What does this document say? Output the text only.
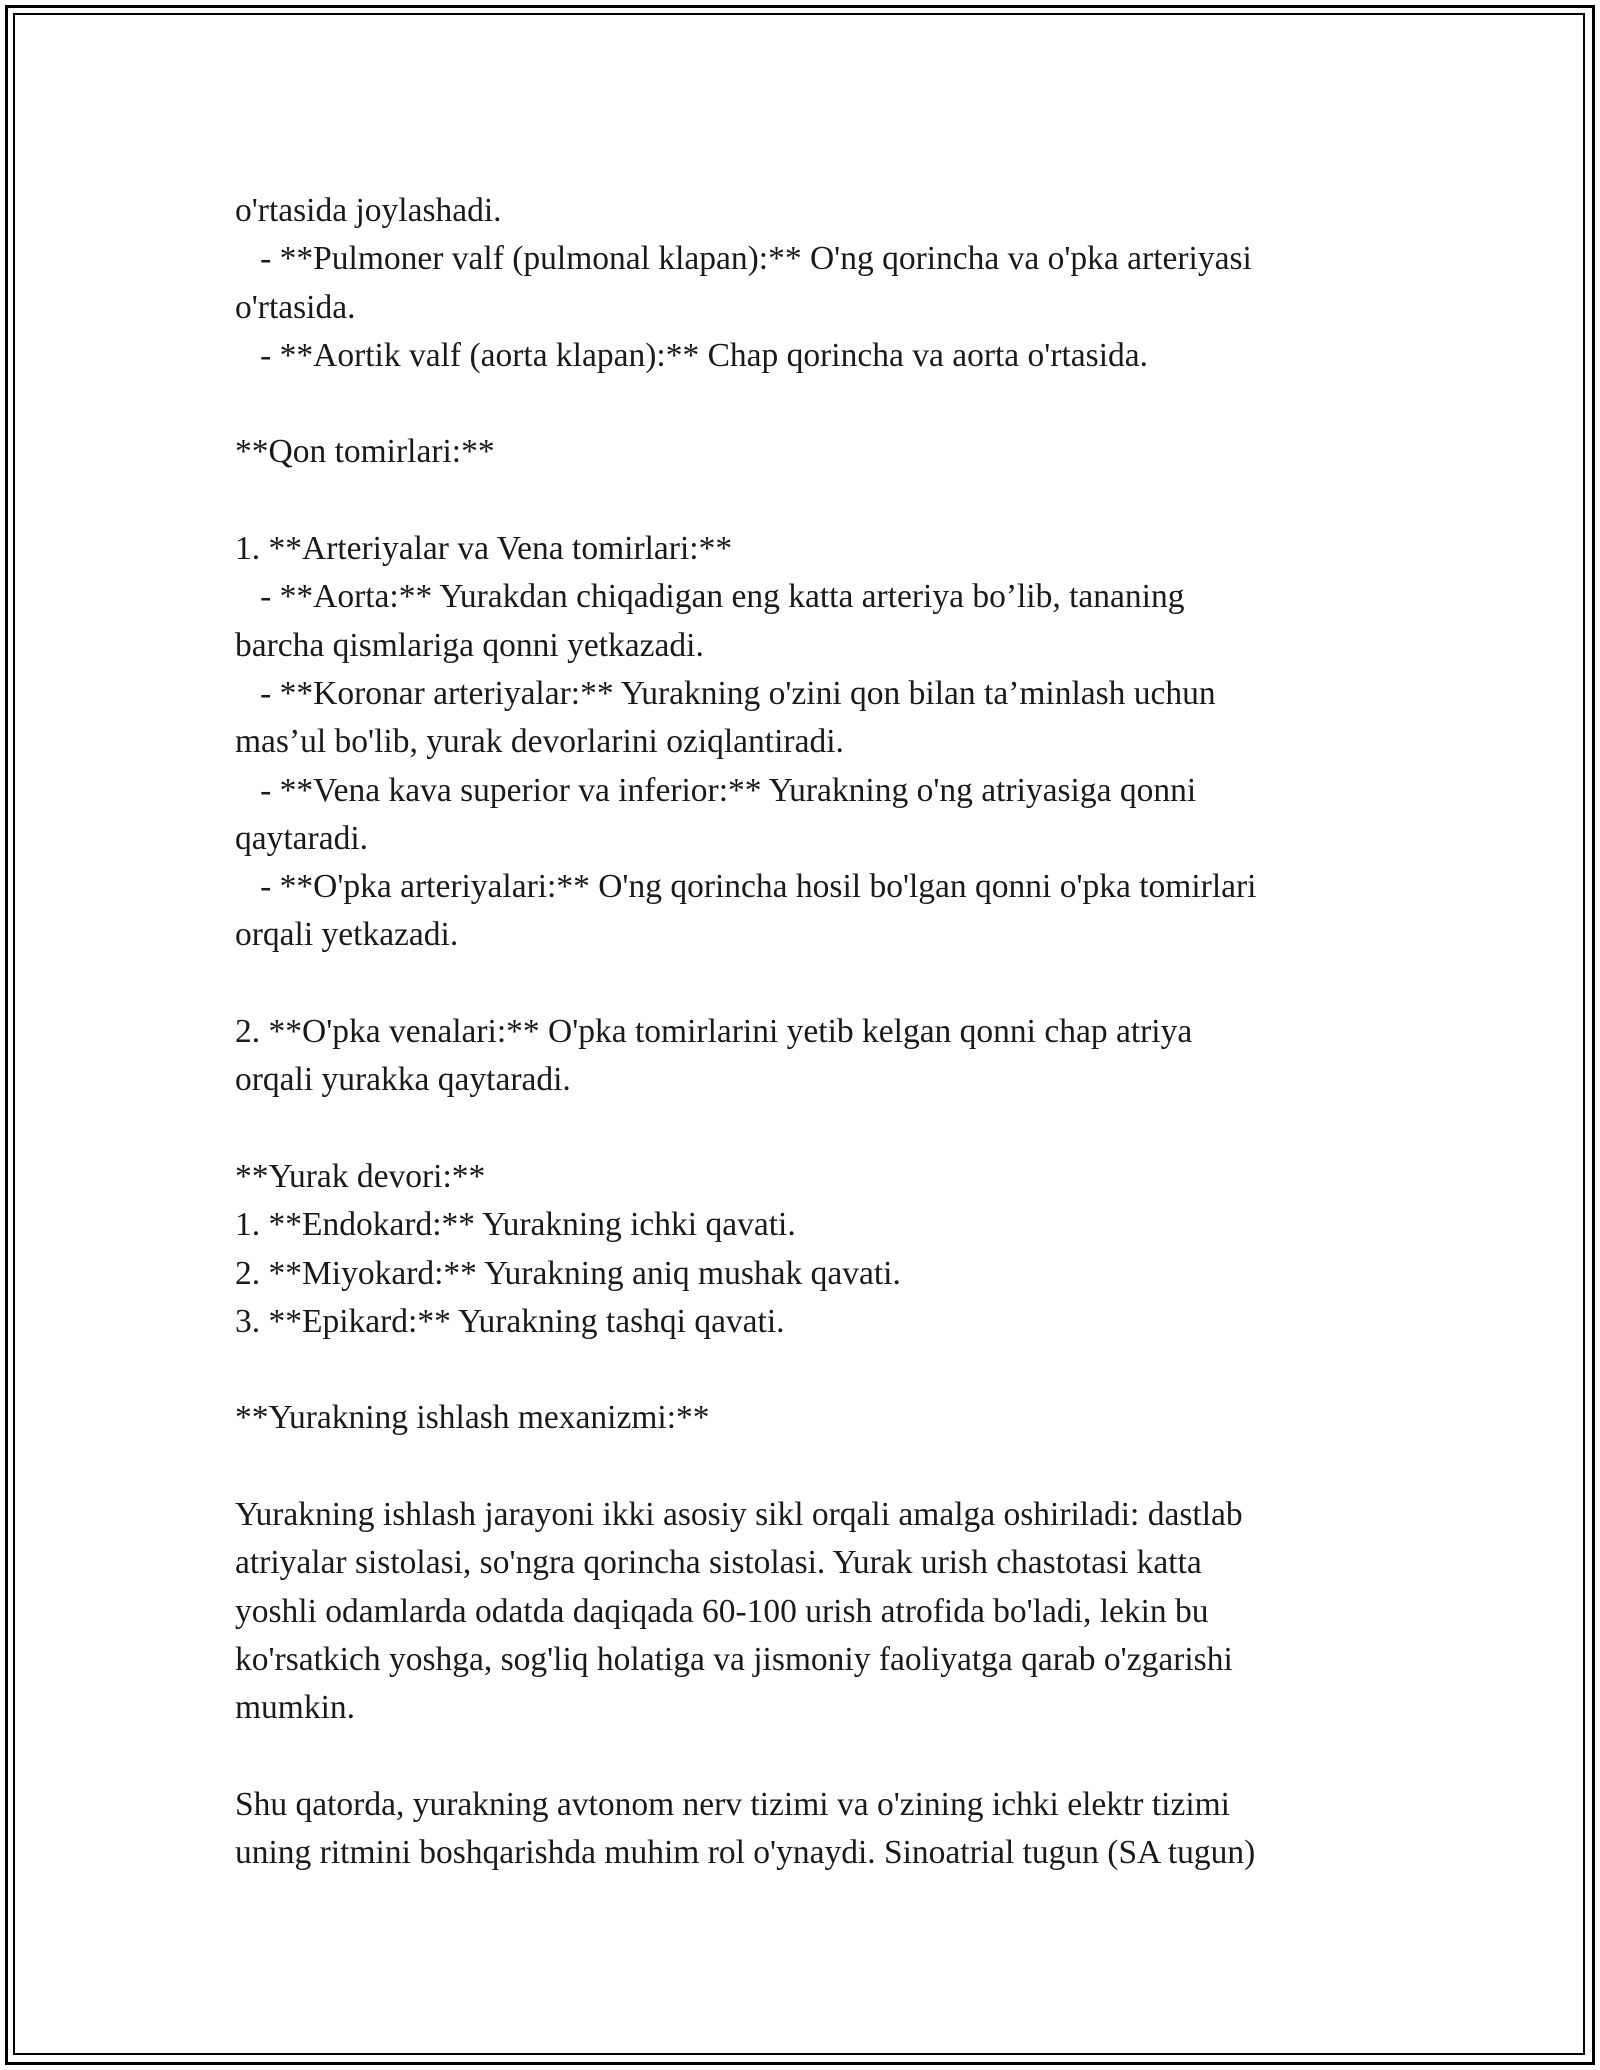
o'rtasida joylashadi.
- **Pulmoner valf (pulmonal klapan):** O'ng qorincha va o'pka arteriyasi
o'rtasida.
- **Aortik valf (aorta klapan):** Chap qorincha va aorta o'rtasida.
**Qon tomirlari:**
1. **Arteriyalar va Vena tomirlari:**
- **Aorta:** Yurakdan chiqadigan eng katta arteriya bo’lib, tananing
barcha qismlariga qonni yetkazadi.
- **Koronar arteriyalar:** Yurakning o'zini qon bilan ta’minlash uchun
mas’ul bo'lib, yurak devorlarini oziqlantiradi.
- **Vena kava superior va inferior:** Yurakning o'ng atriyasiga qonni
qaytaradi.
- **O'pka arteriyalari:** O'ng qorincha hosil bo'lgan qonni o'pka tomirlari
orqali yetkazadi.
2. **O'pka venalari:** O'pka tomirlarini yetib kelgan qonni chap atriya
orqali yurakka qaytaradi.
**Yurak devori:**
1. **Endokard:** Yurakning ichki qavati.
2. **Miyokard:** Yurakning aniq mushak qavati.
3. **Epikard:** Yurakning tashqi qavati.
**Yurakning ishlash mexanizmi:**
Yurakning ishlash jarayoni ikki asosiy sikl orqali amalga oshiriladi: dastlab
atriyalar sistolasi, so'ngra qorincha sistolasi. Yurak urish chastotasi katta
yoshli odamlarda odatda daqiqada 60-100 urish atrofida bo'ladi, lekin bu
ko'rsatkich yoshga, sog'liq holatiga va jismoniy faoliyatga qarab o'zgarishi
mumkin.
Shu qatorda, yurakning avtonom nerv tizimi va o'zining ichki elektr tizimi
uning ritmini boshqarishda muhim rol o'ynaydi. Sinoatrial tugun (SA tugun)
